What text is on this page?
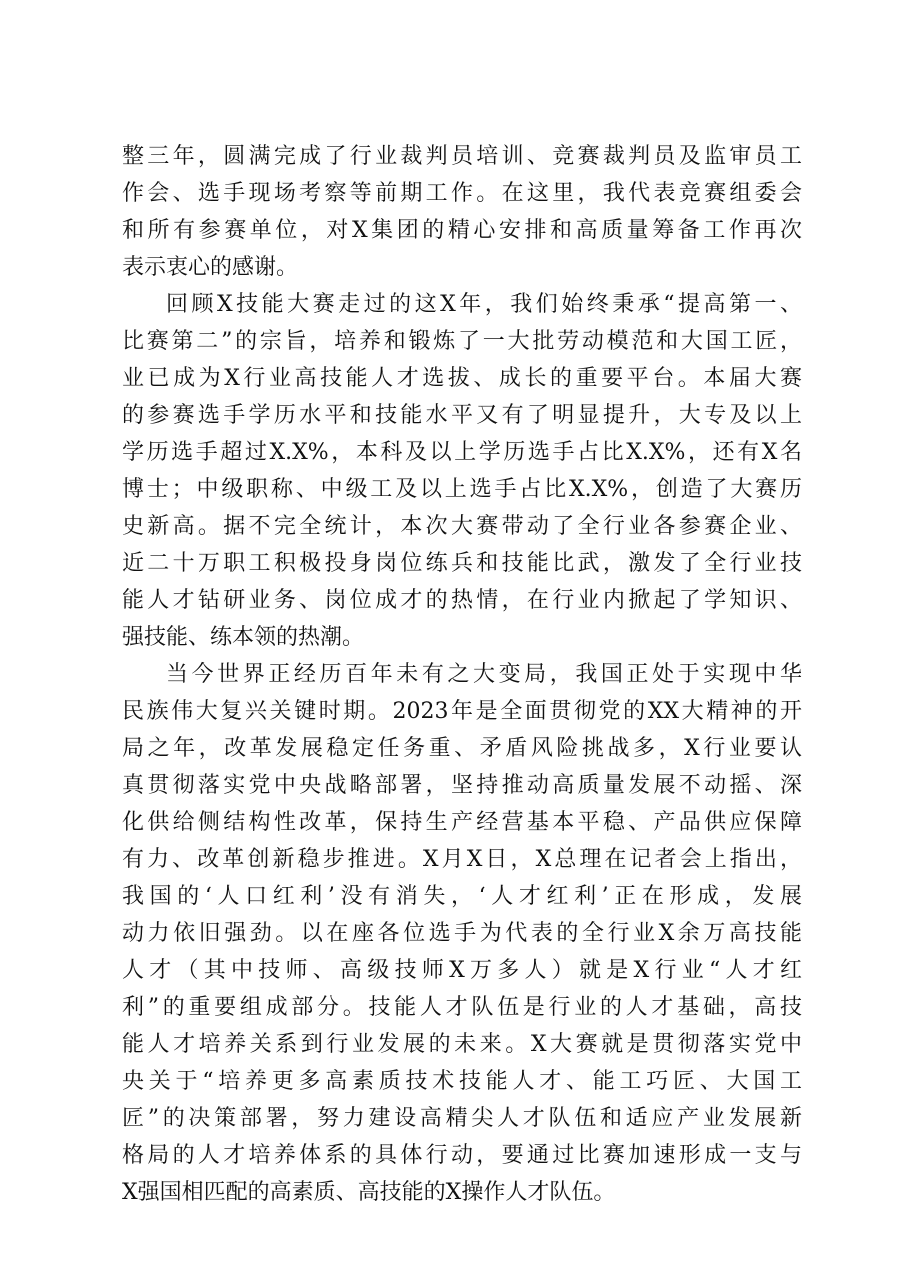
整三年，圆满完成了行业裁判员培训、竞赛裁判员及监审员工
作会、选手现场考察等前期工作。在这里，我代表竞赛组委会
和所有参赛单位，对X集团的精心安排和高质量筹备工作再次
表示衷心的感谢。
回顾X技能大赛走过的这X年，我们始终秉承“提高第一、
比赛第二”的宗旨，培养和锻炼了一大批劳动模范和大国工匠，
业已成为X行业高技能人才选拔、成长的重要平台。本届大赛
的参赛选手学历水平和技能水平又有了明显提升，大专及以上
学历选手超过X.X%，本科及以上学历选手占比X.X%，还有X名
博士；中级职称、中级工及以上选手占比X.X%，创造了大赛历
史新高。据不完全统计，本次大赛带动了全行业各参赛企业、
近二十万职工积极投身岗位练兵和技能比武，激发了全行业技
能人才钻研业务、岗位成才的热情，在行业内掀起了学知识、
强技能、练本领的热潮。
当今世界正经历百年未有之大变局，我国正处于实现中华
民族伟大复兴关键时期。2023年是全面贯彻党的XX大精神的开
局之年，改革发展稳定任务重、矛盾风险挑战多，X行业要认
真贯彻落实党中央战略部署，坚持推动高质量发展不动摇、深
化供给侧结构性改革，保持生产经营基本平稳、产品供应保障
有力、改革创新稳步推进。X月X日，X总理在记者会上指出，
我国的‘人口红利’没有消失，‘人才红利’正在形成，发展
动力依旧强劲。以在座各位选手为代表的全行业X余万高技能
人才（其中技师、高级技师X万多人）就是X行业“人才红
利”的重要组成部分。技能人才队伍是行业的人才基础，高技
能人才培养关系到行业发展的未来。X大赛就是贯彻落实党中
央关于“培养更多高素质技术技能人才、能工巧匠、大国工
匠”的决策部署，努力建设高精尖人才队伍和适应产业发展新
格局的人才培养体系的具体行动，要通过比赛加速形成一支与
X强国相匹配的高素质、高技能的X操作人才队伍。
